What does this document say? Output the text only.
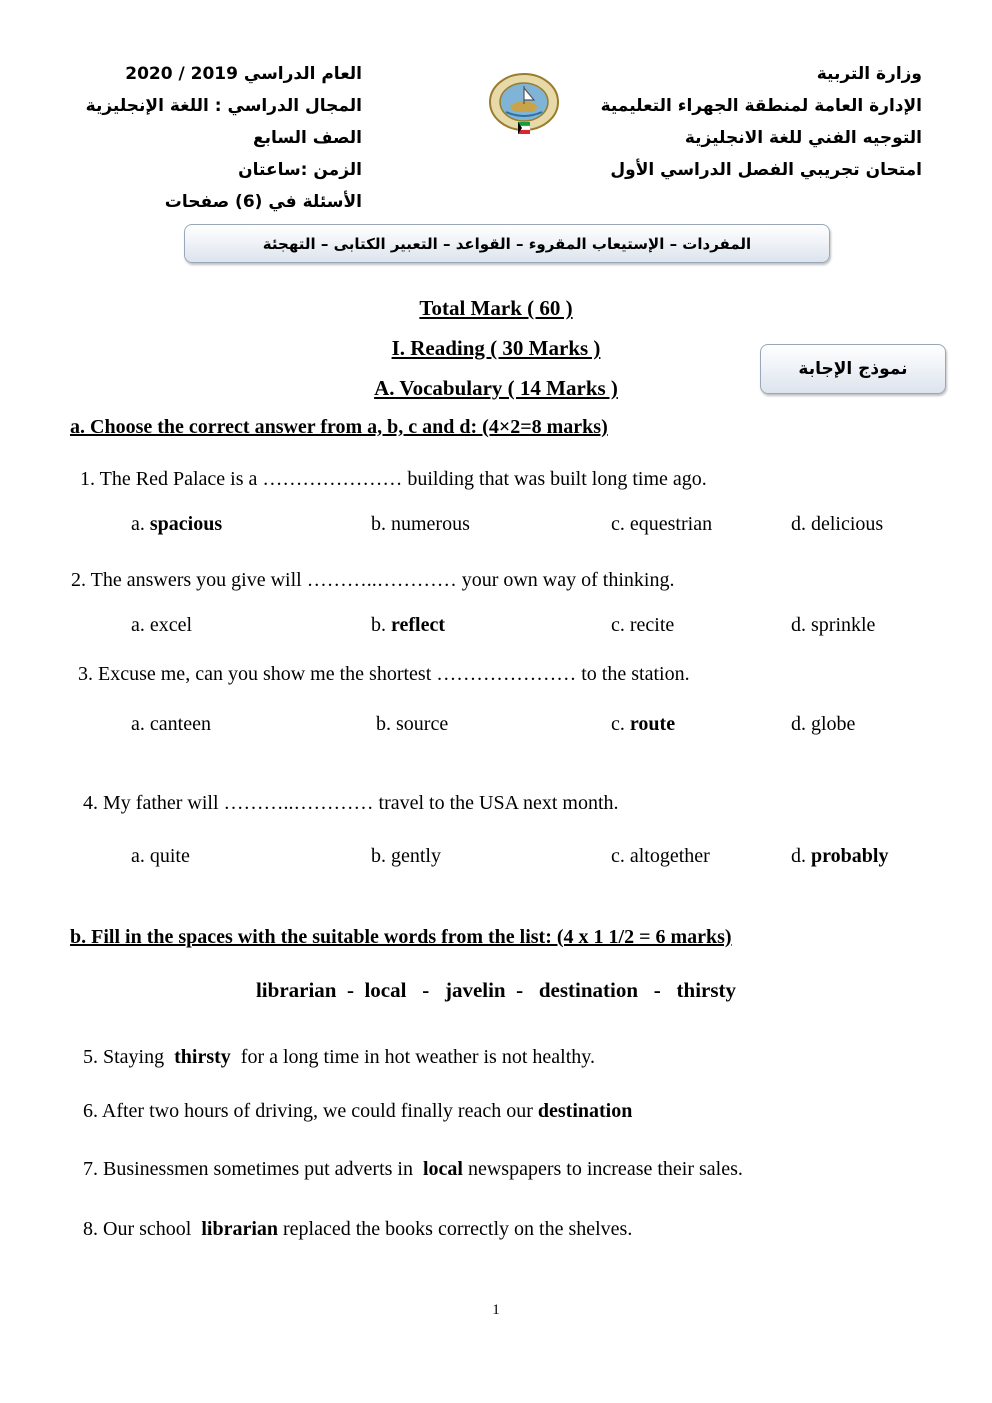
وزارة التربية
الإدارة العامة لمنطقة الجهراء التعليمية
التوجيه الفني للغة الانجليزية
امتحان تجريبي الفصل الدراسي الأول
العام الدراسي 2019 / 2020
المجال الدراسي : اللغة الإنجليزية
الصف السابع
الزمن :ساعتان
الأسئلة في (6) صفحات
المفردات – الإستيعاب المقروء – القواعد – التعبير الكتابى – التهجئة
Total Mark ( 60 )
I. Reading ( 30 Marks )
A. Vocabulary ( 14 Marks )
نموذج الإجابة
a. Choose the correct answer from a, b, c and d: (4×2=8 marks)
1. The Red Palace is a ………………… building that was built long time ago.
a. spacious	b. numerous	c. equestrian	d. delicious
2. The answers you give will ………..………… your own way of thinking.
a. excel	b. reflect	c. recite	d. sprinkle
3. Excuse me, can you show me the shortest ………………… to the station.
a. canteen	b. source	c. route	d. globe
4. My father will ………..………… travel to the USA next month.
a. quite	b. gently	c. altogether	d. probably
b. Fill in the spaces with the suitable words from the list: (4 x 1 1/2 = 6 marks)
librarian  -  local   -   javelin  -   destination   -   thirsty
5. Staying  thirsty  for a long time in hot weather is not healthy.
6. After two hours of driving, we could finally reach our destination
7. Businessmen sometimes put adverts in  local newspapers to increase their sales.
8. Our school  librarian replaced the books correctly on the shelves.
1
